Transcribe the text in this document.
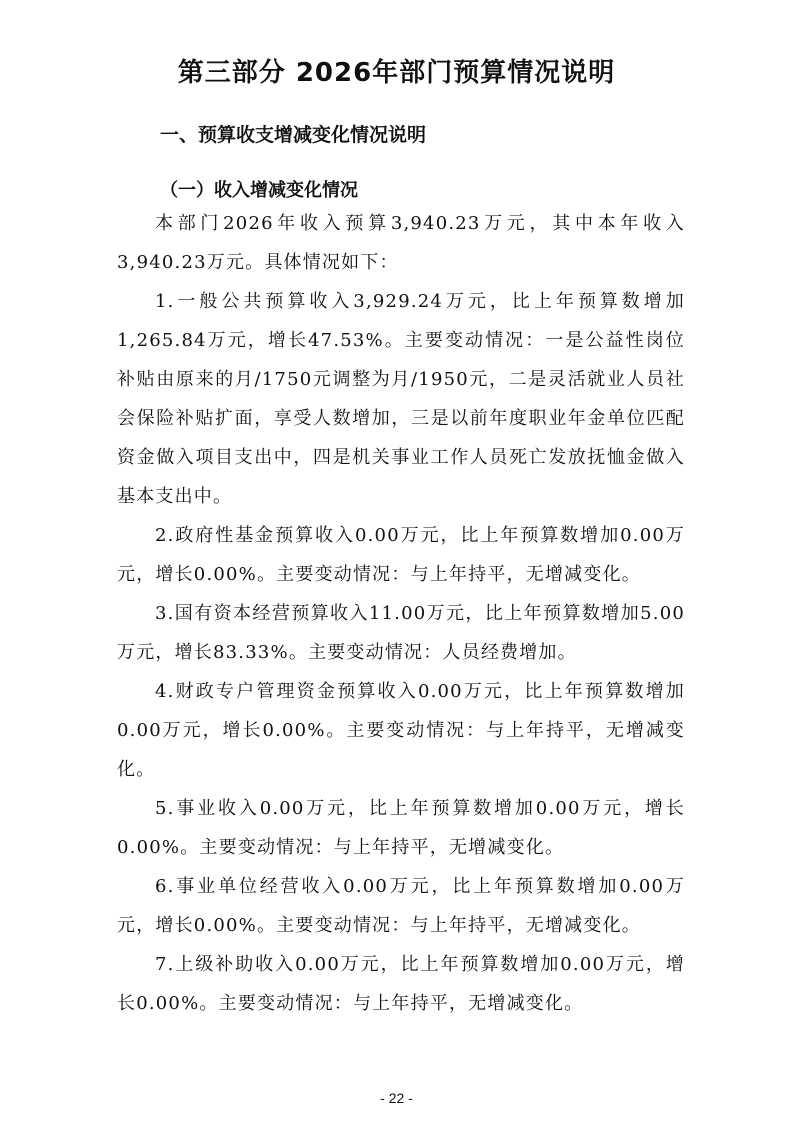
第三部分 2026年部门预算情况说明
一、预算收支增减变化情况说明
（一）收入增减变化情况

本部门2026年收入预算3,940.23万元，其中本年收入3,940.23万元。具体情况如下：

1.一般公共预算收入3,929.24万元，比上年预算数增加1,265.84万元，增长47.53%。主要变动情况：一是公益性岗位补贴由原来的月/1750元调整为月/1950元，二是灵活就业人员社会保险补贴扩面，享受人数增加，三是以前年度职业年金单位匹配资金做入项目支出中，四是机关事业工作人员死亡发放抚恤金做入基本支出中。

2.政府性基金预算收入0.00万元，比上年预算数增加0.00万元，增长0.00%。主要变动情况：与上年持平，无增减变化。

3.国有资本经营预算收入11.00万元，比上年预算数增加5.00万元，增长83.33%。主要变动情况：人员经费增加。

4.财政专户管理资金预算收入0.00万元，比上年预算数增加0.00万元，增长0.00%。主要变动情况：与上年持平，无增减变化。

5.事业收入0.00万元，比上年预算数增加0.00万元，增长0.00%。主要变动情况：与上年持平，无增减变化。

6.事业单位经营收入0.00万元，比上年预算数增加0.00万元，增长0.00%。主要变动情况：与上年持平，无增减变化。

7.上级补助收入0.00万元，比上年预算数增加0.00万元，增长0.00%。主要变动情况：与上年持平，无增减变化。

- 22 -
